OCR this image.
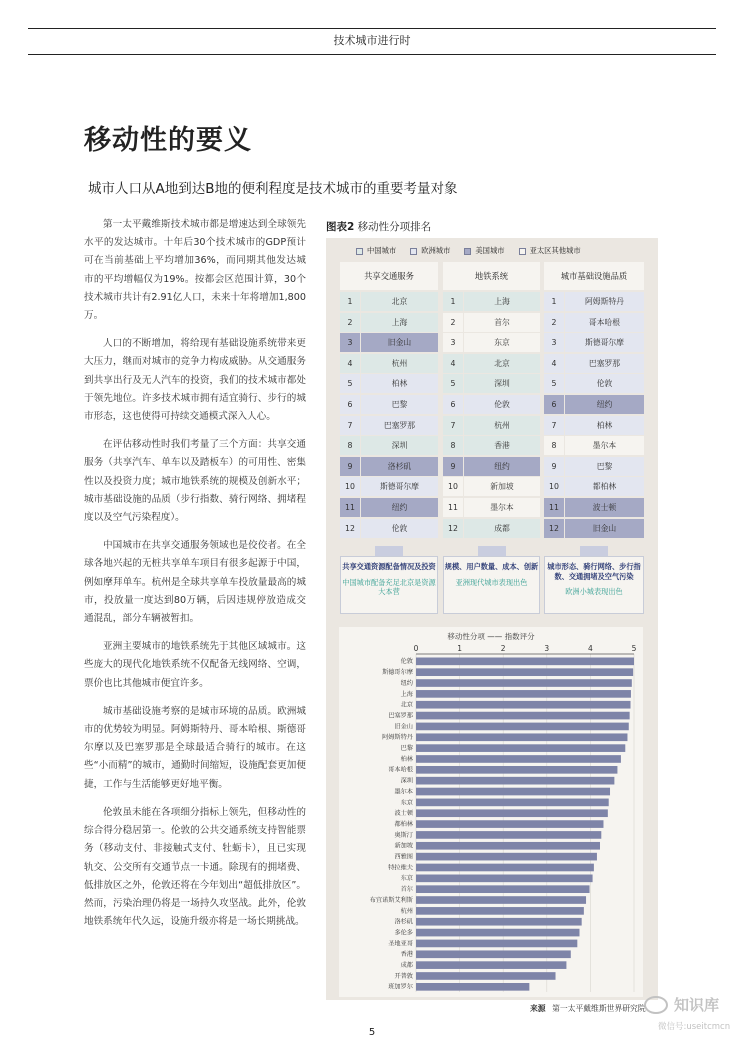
技术城市进行时
移动性的要义
城市人口从A地到达B地的便利程度是技术城市的重要考量对象

第一太平戴维斯技术城市都是增速达到全球领先水平的发达城市。十年后30个技术城市的GDP预计可在当前基础上平均增加36%，而同期其他发达城市的平均增幅仅为19%。按都会区范围计算，30个技术城市共计有2.91亿人口，未来十年将增加1,800万。

人口的不断增加，将给现有基础设施系统带来更大压力，继而对城市的竞争力构成威胁。从交通服务到共享出行及无人汽车的投资，我们的技术城市都处于领先地位。许多技术城市拥有适宜骑行、步行的城市形态，这也使得可持续交通模式深入人心。

在评估移动性时我们考量了三个方面：共享交通服务（共享汽车、单车以及踏板车）的可用性、密集性以及投资力度；城市地铁系统的规模及创新水平；城市基础设施的品质（步行指数、骑行网络、拥堵程度以及空气污染程度）。

中国城市在共享交通服务领域也是佼佼者。在全球各地兴起的无桩共享单车项目有很多起源于中国，例如摩拜单车。杭州是全球共享单车投放量最高的城市，投放量一度达到80万辆，后因违规停放造成交通混乱，部分车辆被暂扣。

亚洲主要城市的地铁系统先于其他区域城市。这些庞大的现代化地铁系统不仅配备无线网络、空调，票价也比其他城市便宜许多。

城市基础设施考察的是城市环境的品质。欧洲城市的优势较为明显。阿姆斯特丹、哥本哈根、斯德哥尔摩以及巴塞罗那是全球最适合骑行的城市。在这些“小而精”的城市，通勤时间缩短，设施配套更加便捷，工作与生活能够更好地平衡。

伦敦虽未能在各项细分指标上领先，但移动性的综合得分稳居第一。伦敦的公共交通系统支持智能票务（移动支付、非接触式支付、牡蛎卡），且已实现轨交、公交所有交通节点一卡通。除现有的拥堵费、低排放区之外，伦敦还将在今年划出“超低排放区”。然而，污染治理仍将是一场持久攻坚战。此外，伦敦地铁系统年代久远，设施升级亦将是一场长期挑战。

图表2 移动性分项排名
中国城市	欧洲城市	美国城市	亚太区其他城市
共享交通服务
1	北京
2	上海
3	旧金山
4	杭州
5	柏林
6	巴黎
7	巴塞罗那
8	深圳
9	洛杉矶
10	斯德哥尔摩
11	纽约
12	伦敦
共享交通资源配备情况及投资
中国城市配备充足北京是资源大本营
地铁系统
1	上海
2	首尔
3	东京
4	北京
5	深圳
6	伦敦
7	杭州
8	香港
9	纽约
10	新加坡
11	墨尔本
12	成都
规模、用户数量、成本、创新
亚洲现代城市表现出色
城市基础设施品质
1	阿姆斯特丹
2	哥本哈根
3	斯德哥尔摩
4	巴塞罗那
5	伦敦
6	纽约
7	柏林
8	墨尔本
9	巴黎
10	都柏林
11	波士顿
12	旧金山
城市形态、骑行网络、步行指数、交通拥堵及空气污染
欧洲小城表现出色
移动性分项 —— 指数评分
0	1	2	3	4	5
伦敦
斯德哥尔摩
纽约
上海
北京
巴塞罗那
旧金山
阿姆斯特丹
巴黎
柏林
哥本哈根
深圳
墨尔本
东京
波士顿
都柏林
奥斯汀
新加坡
西雅图
特拉维夫
东京
首尔
布宜诺斯艾利斯
杭州
洛杉矶
多伦多
圣地亚哥
香港
成都
开普敦
班加罗尔
来源 第一太平戴维斯世界研究院
5
知识库
微信号:useitcmcn
